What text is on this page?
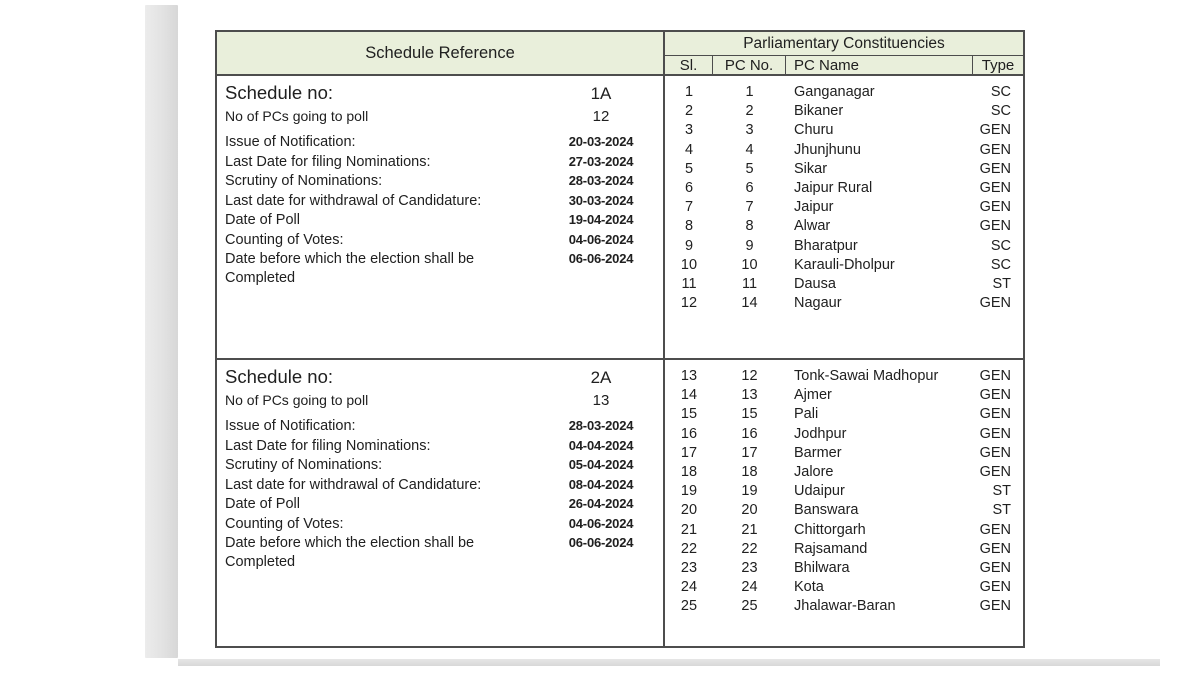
Schedule Reference
Parliamentary Constituencies
Sl.	PC No.	PC Name	Type
Schedule no:	1A
No of PCs going to poll	12
Issue of Notification:	20-03-2024
Last Date for filing Nominations:	27-03-2024
Scrutiny of Nominations:	28-03-2024
Last date for withdrawal of Candidature:	30-03-2024
Date of Poll	19-04-2024
Counting of Votes:	04-06-2024
Date before which the election shall be	06-06-2024
Completed
1	1	Ganganagar	SC
2	2	Bikaner	SC
3	3	Churu	GEN
4	4	Jhunjhunu	GEN
5	5	Sikar	GEN
6	6	Jaipur Rural	GEN
7	7	Jaipur	GEN
8	8	Alwar	GEN
9	9	Bharatpur	SC
10	10	Karauli-Dholpur	SC
11	11	Dausa	ST
12	14	Nagaur	GEN
Schedule no:	2A
No of PCs going to poll	13
Issue of Notification:	28-03-2024
Last Date for filing Nominations:	04-04-2024
Scrutiny of Nominations:	05-04-2024
Last date for withdrawal of Candidature:	08-04-2024
Date of Poll	26-04-2024
Counting of Votes:	04-06-2024
Date before which the election shall be	06-06-2024
Completed
13	12	Tonk-Sawai Madhopur	GEN
14	13	Ajmer	GEN
15	15	Pali	GEN
16	16	Jodhpur	GEN
17	17	Barmer	GEN
18	18	Jalore	GEN
19	19	Udaipur	ST
20	20	Banswara	ST
21	21	Chittorgarh	GEN
22	22	Rajsamand	GEN
23	23	Bhilwara	GEN
24	24	Kota	GEN
25	25	Jhalawar-Baran	GEN
